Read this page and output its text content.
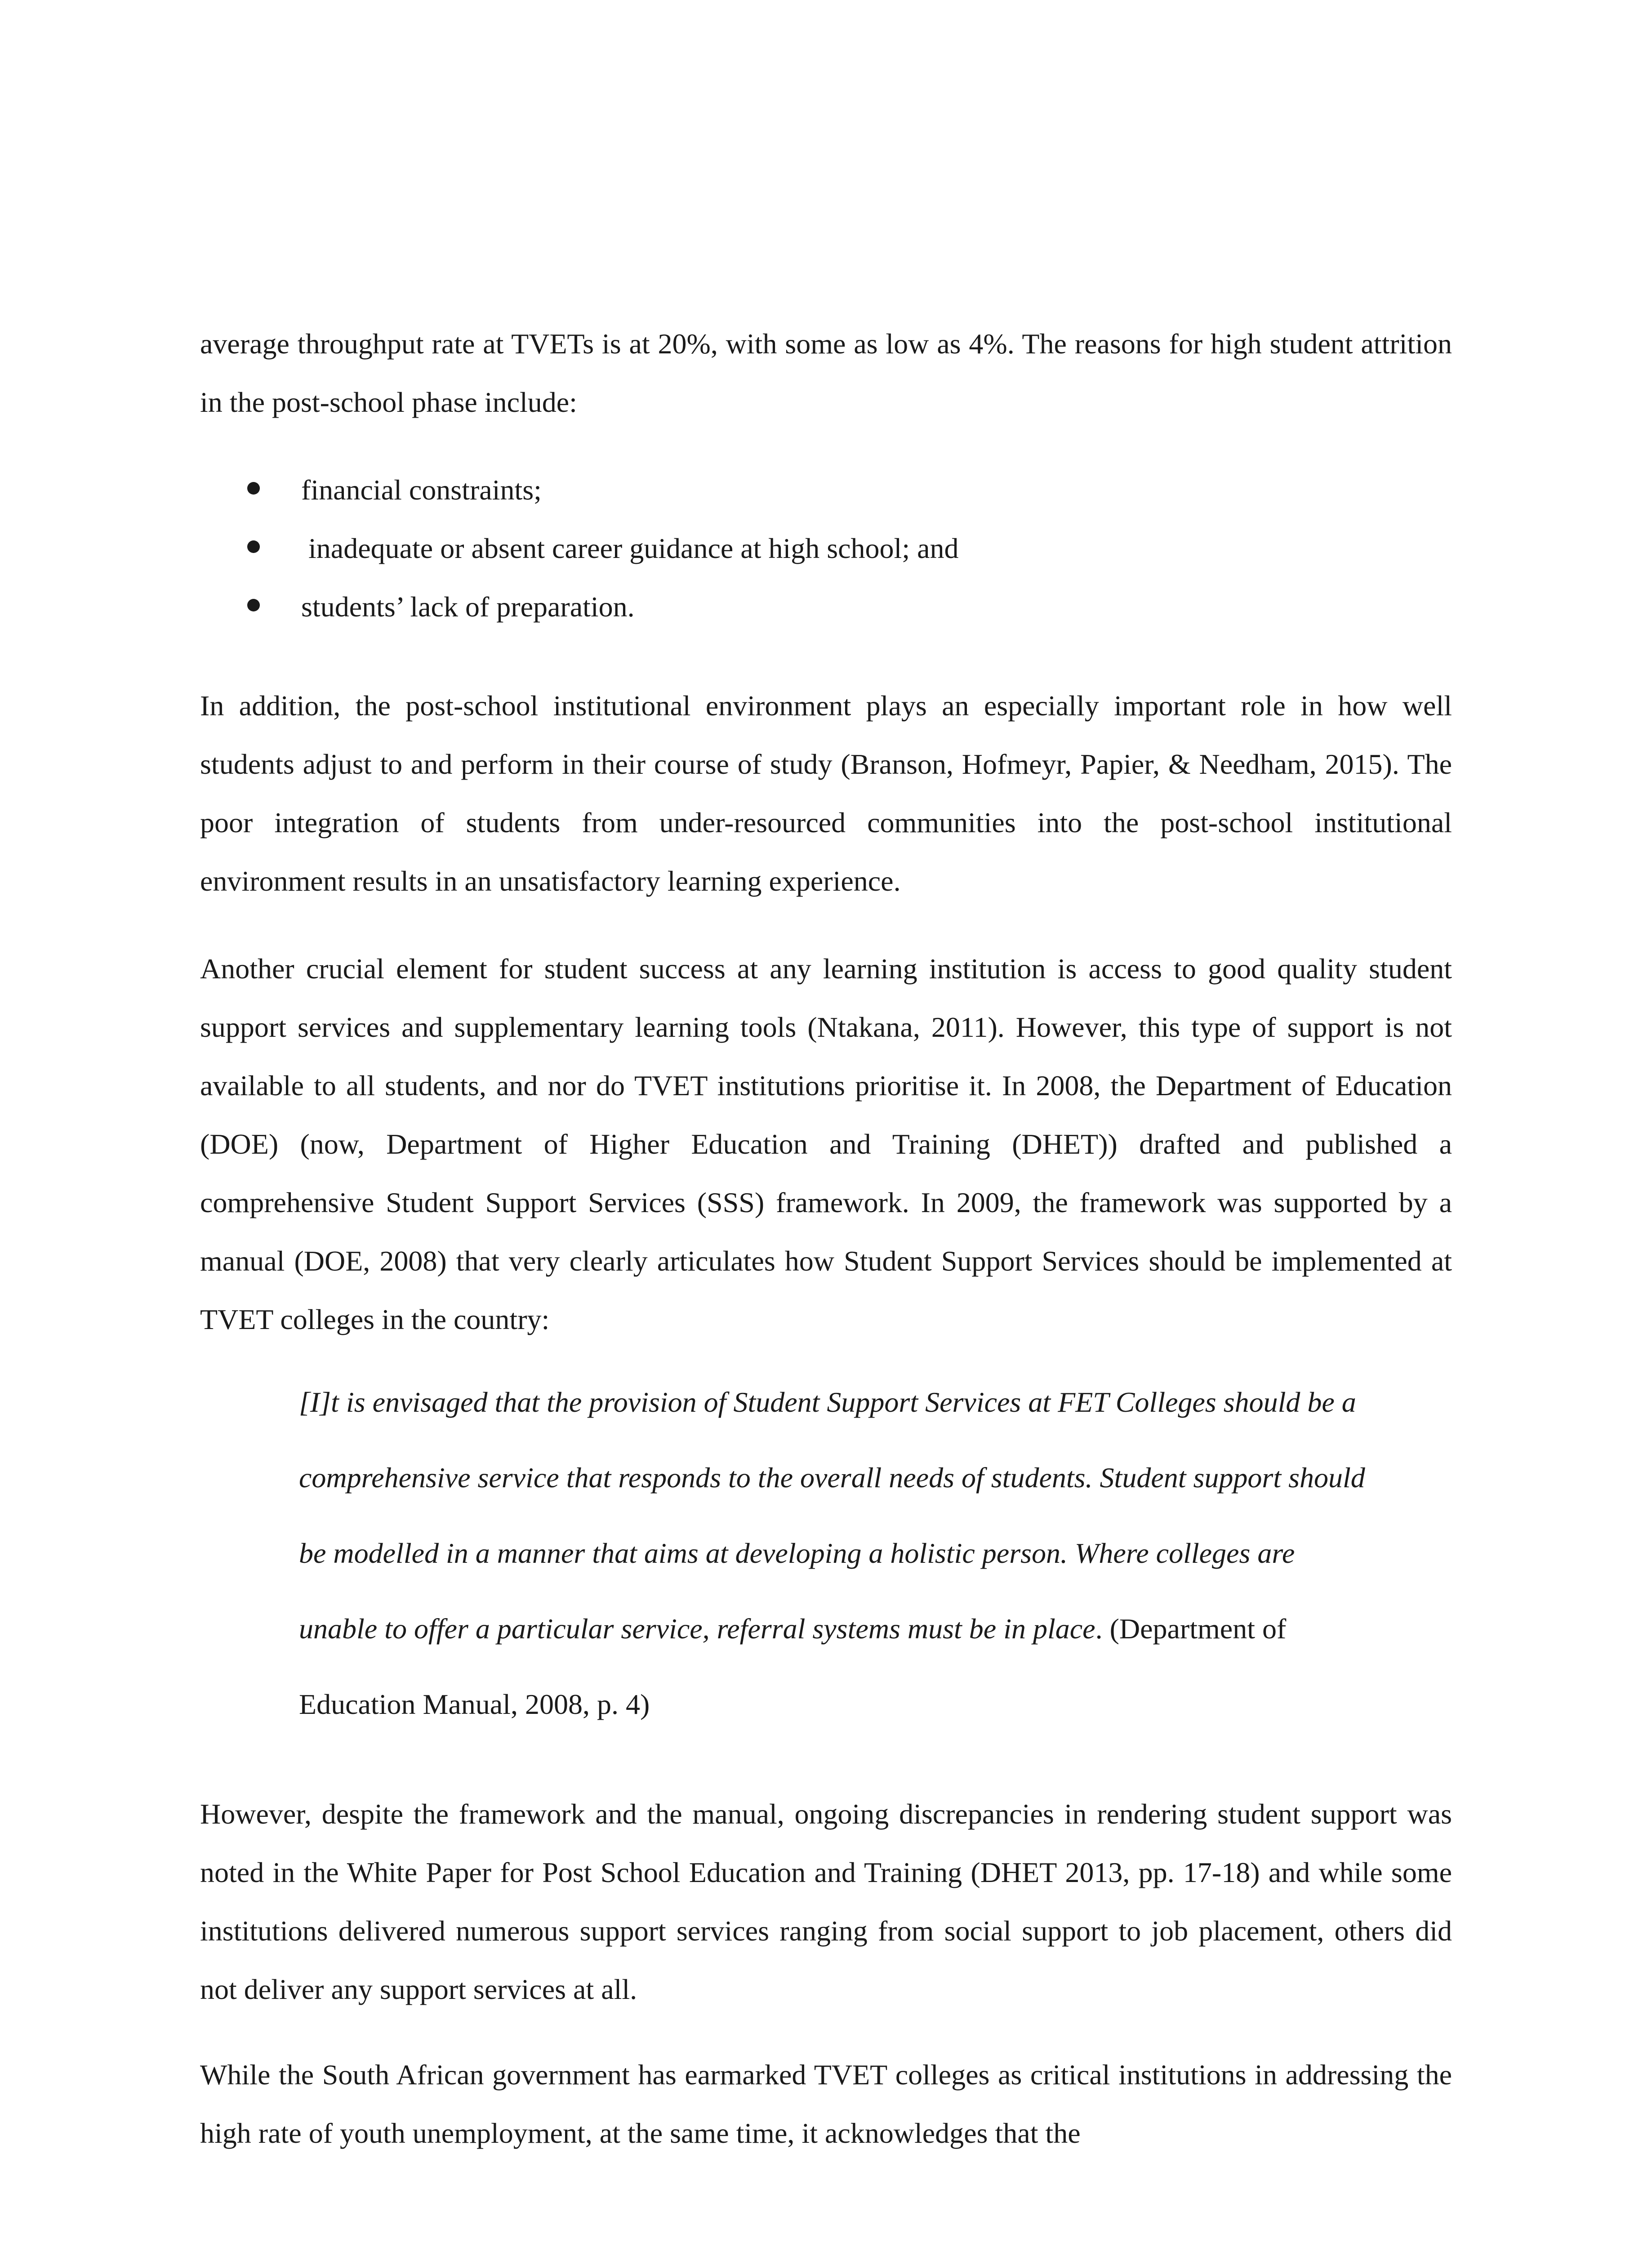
average throughput rate at TVETs is at 20%, with some as low as 4%. The reasons for high student attrition in the post-school phase include:

financial constraints;
inadequate or absent career guidance at high school; and
students’ lack of preparation.

In addition, the post-school institutional environment plays an especially important role in how well students adjust to and perform in their course of study (Branson, Hofmeyr, Papier, & Needham, 2015). The poor integration of students from under-resourced communities into the post-school institutional environment results in an unsatisfactory learning experience.

Another crucial element for student success at any learning institution is access to good quality student support services and supplementary learning tools (Ntakana, 2011). However, this type of support is not available to all students, and nor do TVET institutions prioritise it. In 2008, the Department of Education (DOE) (now, Department of Higher Education and Training (DHET)) drafted and published a comprehensive Student Support Services (SSS) framework. In 2009, the framework was supported by a manual (DOE, 2008) that very clearly articulates how Student Support Services should be implemented at TVET colleges in the country:

[I]t is envisaged that the provision of Student Support Services at FET Colleges should be a comprehensive service that responds to the overall needs of students. Student support should be modelled in a manner that aims at developing a holistic person. Where colleges are unable to offer a particular service, referral systems must be in place. (Department of Education Manual, 2008, p. 4)

However, despite the framework and the manual, ongoing discrepancies in rendering student support was noted in the White Paper for Post School Education and Training (DHET 2013, pp. 17-18) and while some institutions delivered numerous support services ranging from social support to job placement, others did not deliver any support services at all.

While the South African government has earmarked TVET colleges as critical institutions in addressing the high rate of youth unemployment, at the same time, it acknowledges that the
